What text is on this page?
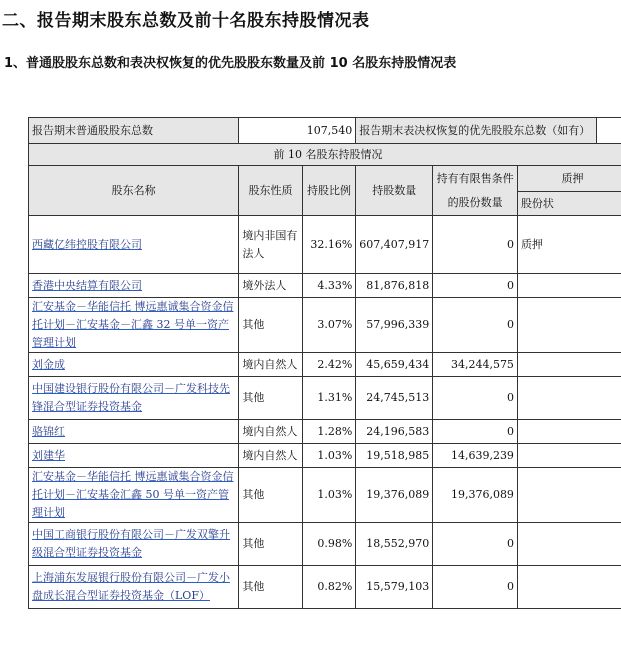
二、报告期末股东总数及前十名股东持股情况表
1、普通股股东总数和表决权恢复的优先股股东数量及前 10 名股东持股情况表
报告期末普通股股东总数	107,540		报告期末表决权恢复的优先股股东总数（如有）			
前 10 名股东持股情况						
股东名称	股东性质	持股比例	持股数量	持有有限售条件的股份数量	质押	
					股份状	
西藏亿纬控股有限公司	境内非国有法人	32.16%	607,407,917	0	质押	
香港中央结算有限公司	境外法人	4.33%	81,876,818	0		
汇安基金－华能信托 博远惠诚集合资金信托计划－汇安基金－汇鑫 32 号单一资产管理计划	其他	3.07%	57,996,339	0		
刘金成	境内自然人	2.42%	45,659,434	34,244,575		
中国建设银行股份有限公司－广发科技先锋混合型证券投资基金	其他	1.31%	24,745,513	0		
骆锦红	境内自然人	1.28%	24,196,583	0		
刘建华	境内自然人	1.03%	19,518,985	14,639,239		
汇安基金－华能信托 博远惠诚集合资金信托计划－汇安基金汇鑫 50 号单一资产管理计划	其他	1.03%	19,376,089	19,376,089		
中国工商银行股份有限公司－广发双擎升级混合型证券投资基金	其他	0.98%	18,552,970	0		
上海浦东发展银行股份有限公司－广发小盘成长混合型证券投资基金（LOF）	其他	0.82%	15,579,103	0		
